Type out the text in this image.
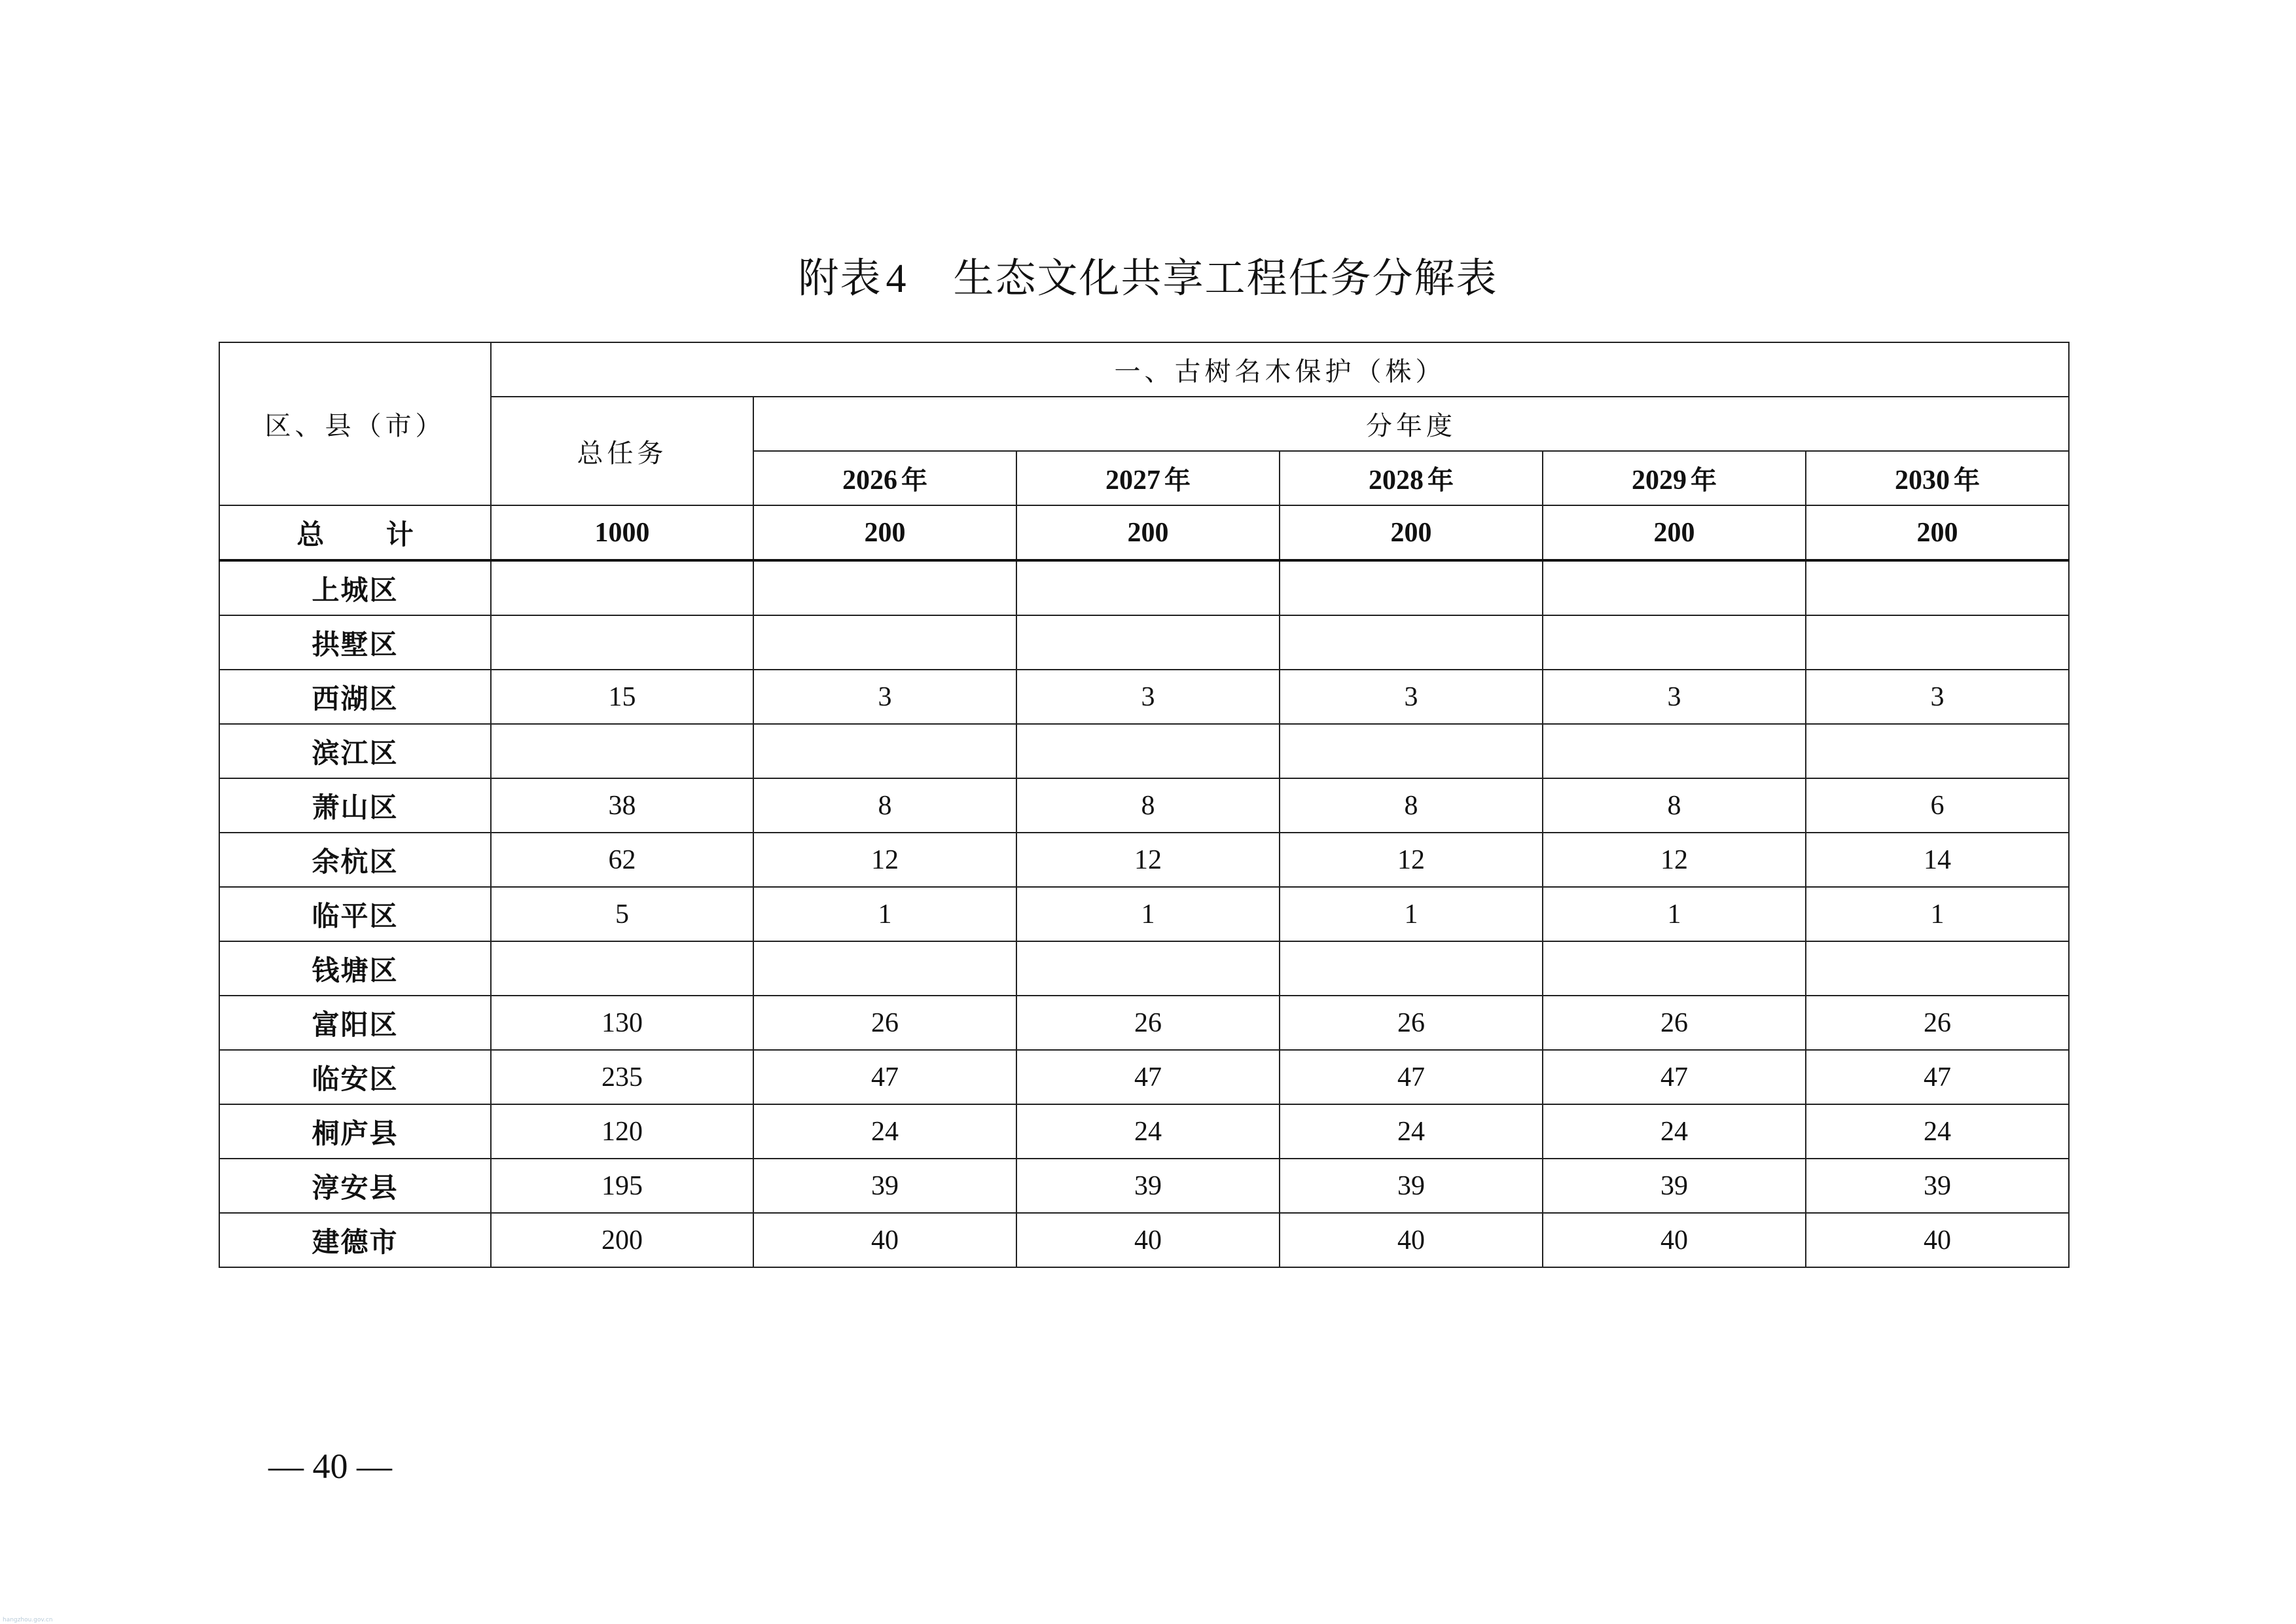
附表4 生态文化共享工程任务分解表
区、县（市）	一、古树名木保护（株）					
	总任务	分年度				
		2026 年	2027 年	2028 年	2029 年	2030 年
总 计	1000	200	200	200	200	200
上城区						
拱墅区						
西湖区	15	3	3	3	3	3
滨江区						
萧山区	38	8	8	8	8	6
余杭区	62	12	12	12	12	14
临平区	5	1	1	1	1	1
钱塘区						
富阳区	130	26	26	26	26	26
临安区	235	47	47	47	47	47
桐庐县	120	24	24	24	24	24
淳安县	195	39	39	39	39	39
建德市	200	40	40	40	40	40
— 40 —
hangzhou.gov.cn
